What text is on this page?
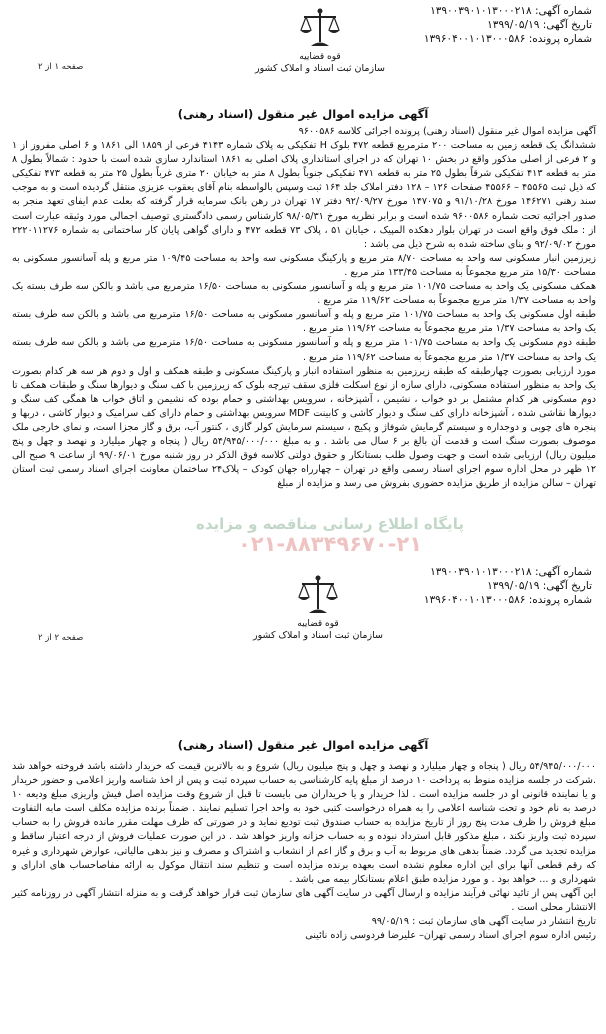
شماره آگهی: ۱۳۹۰۰۳۹۰۱۰۱۳۰۰۰۲۱۸
تاریخ آگهی: ۱۳۹۹/۰۵/۱۹
شماره پرونده: ۱۳۹۶۰۴۰۰۱۰۱۳۰۰۰۵۸۶
قوه قضاییه
سازمان ثبت اسناد و املاک کشور
صفحه ۱ از ۲
آگهی مزایده اموال غیر منقول (اسناد رهنی)

آگهی مزایده اموال غیر منقول (اسناد رهنی) پرونده اجرائی کلاسه ۹۶۰۰۵۸۶

ششدانگ یک قطعه زمین به مساحت ۲۰۰ مترمربع قطعه ۴۷۲ بلوک H تفکیکی به پلاک شماره ۴۱۴۳ فرعی از ۱۸۵۹ الی ۱۸۶۱ و ۶ اصلی مفروز از ۱ و ۲ فرعی از اصلی مذکور واقع در بخش ۱۰ تهران که در اجرای استانداری پلاک اصلی به ۱۸۶۱ استاندارد سازی شده است با حدود : شمالاً بطول ۸ متر به قطعه ۴۱۳ تفکیکی شرقاً بطول ۲۵ متر به قطعه ۴۷۱ تفکیکی جنوباً بطول ۸ متر به خیابان ۲۰ متری غرباً بطول ۲۵ متر به قطعه ۴۷۳ تفکیکی که ذیل ثبت ۴۵۵۶۵ – ۴۵۵۶۶ صفحات ۱۲۶ – ۱۲۸ دفتر املاک جلد ۱۶۴ ثبت وسپس بالواسطه بنام آقای یعقوب عزیزی منتقل گردیده است و به موجب سند رهنی ۱۴۶۲۷۱ مورخ ۹۱/۱۰/۲۸ و ۱۴۷۰۷۵ مورخ ۹۲/۰۹/۲۷ دفتر ۱۷ تهران در رهن بانک سرمایه قرار گرفته که بعلت عدم ایفای تعهد منجر به صدور اجرائیه تحت شماره ۹۶۰۰۵۸۶ شده است و برابر نظریه مورخ ۹۸/۰۵/۳۱ کارشناس رسمی دادگستری توصیف اجمالی مورد وثیقه عبارت است از : ملک فوق واقع است در تهران بلوار دهکده المپیک ، خیابان ۵۱ ، پلاک ۷۳ قطعه ۴۷۲ و دارای گواهی پایان کار ساختمانی به شماره ۲۲۲۰۱۱۲۷۶ مورخ ۹۲/۰۹/۰۲ و بنای ساخته شده به شرح ذیل می باشد :

زیرزمین انبار مسکونی سه واحد به مساحت ۸/۷۰ متر مربع و پارکینگ مسکونی سه واحد به مساحت ۱۰۹/۴۵ متر مربع و پله آسانسور مسکونی به مساحت ۱۵/۳۰ متر مربع مجموعاً به مساحت ۱۳۳/۴۵ متر مربع .

همکف مسکونی یک واحد به مساحت ۱۰۱/۷۵ متر مربع و پله و آسانسور مسکونی به مساحت ۱۶/۵۰ مترمربع می باشد و بالکن سه طرف بسته یک واحد به مساحت ۱/۳۷ متر مربع مجموعاً به مساحت ۱۱۹/۶۲ متر مربع .

طبقه اول مسکونی یک واحد به مساحت ۱۰۱/۷۵ متر مربع و پله و آسانسور مسکونی به مساحت ۱۶/۵۰ مترمربع می باشد و بالکن سه طرف بسته یک واحد به مساحت ۱/۳۷ متر مربع مجموعاً به مساحت ۱۱۹/۶۲ متر مربع .

طبقه دوم مسکونی یک واحد به مساحت ۱۰۱/۷۵ متر مربع و پله و آسانسور مسکونی به مساحت ۱۶/۵۰ مترمربع می باشد و بالکن سه طرف بسته یک واحد به مساحت ۱/۳۷ متر مربع مجموعاً به مساحت ۱۱۹/۶۲ متر مربع .

مورد ارزیابی بصورت چهارطبقه که طبقه زیرزمین به منظور استفاده انبار و پارکینگ مسکونی و طبقه همکف و اول و دوم هر سه هر کدام بصورت یک واحد به منظور استفاده مسکونی، دارای سازه از نوع اسکلت فلزی سقف تیرچه بلوک که زیرزمین با کف سنگ و دیوارها سنگ و طبقات همکف تا دوم مسکونی هر کدام مشتمل بر دو خواب ، نشیمن ، آشپزخانه ، سرویس بهداشتی و حمام بوده که نشیمن و اتاق خواب ها همگی کف سنگ و دیوارها نقاشی شده ، آشپزخانه دارای کف سنگ و دیوار کاشی و کابینت MDF سرویس بهداشتی و حمام دارای کف سرامیک و دیوار کاشی ، دربها و پنجره های چوبی و دوجداره و سیستم گرمایش شوفاژ و پکیج ، سیستم سرمایش کولر گازی ، کنتور آب، برق و گاز مجزا است، و نمای خارجی ملک موصوف بصورت سنگ است و قدمت آن بالغ بر ۶ سال می باشد . و به مبلغ ۵۴/۹۴۵/۰۰۰/۰۰۰ ریال ( پنجاه و چهار میلیارد و نهصد و چهل و پنج میلیون ریال) ارزیابی شده است و جهت وصول طلب بستانکار و حقوق دولتی کلاسه فوق الذکر در روز شنبه مورخ ۹۹/۰۶/۰۱ از ساعت ۹ صبح الی ۱۲ ظهر در محل اداره سوم اجرای اسناد رسمی واقع در تهران – چهارراه جهان کودک – پلاک۲۴ ساختمان معاونت اجرای اسناد رسمی ثبت استان تهران – سالن مزایده از طریق مزایده حضوری بفروش می رسد و مزایده از مبلغ

پایگاه اطلاع رسانی مناقصه و مزایده
۰۲۱-۸۸۳۴۹۶۷۰-۲۱
شماره آگهی: ۱۳۹۰۰۳۹۰۱۰۱۳۰۰۰۲۱۸
تاریخ آگهی: ۱۳۹۹/۰۵/۱۹
شماره پرونده: ۱۳۹۶۰۴۰۰۱۰۱۳۰۰۰۵۸۶
قوه قضاییه
سازمان ثبت اسناد و املاک کشور
صفحه ۲ از ۲
آگهی مزایده اموال غیر منقول (اسناد رهنی)

۵۴/۹۴۵/۰۰۰/۰۰۰ ریال ( پنجاه و چهار میلیارد و نهصد و چهل و پنج میلیون ریال) شروع و به بالاترین قیمت که خریدار داشته باشد فروخته خواهد شد .شرکت در جلسه مزایده منوط به پرداخت ۱۰ درصد از مبلغ پایه کارشناسی به حساب سپرده ثبت و پس از اخذ شناسه واریز اعلامی و حضور خریدار و یا نماینده قانونی او در جلسه مزایده است . لذا خریدار و یا خریداران می بایست تا قبل از شروع وقت مزایده اصل فیش واریزی مبلغ ودیعه ۱۰ درصد به نام خود و تحت شناسه اعلامی را به همراه درخواست کتبی خود به واحد اجرا تسلیم نمایند . ضمناً برنده مزایده مکلف است مابه التفاوت مبلغ فروش را ظرف مدت پنج روز از تاریخ مزایده به حساب صندوق ثبت تودیع نماید و در صورتی که ظرف مهلت مقرر مانده فروش را به حساب سپرده ثبت واریز نکند ، مبلغ مذکور قابل استرداد نبوده و به حساب خزانه واریز خواهد شد . در این صورت عملیات فروش از درجه اعتبار ساقط و مزایده تجدید می گردد. ضمناً بدهی های مربوط به آب و برق و گاز اعم از انشعاب و اشتراک و مصرف و نیز بدهی مالیاتی، عوارض شهرداری و غیره که رقم قطعی آنها برای این اداره معلوم نشده است بعهده برنده مزایده است و تنظیم سند انتقال موکول به ارائه مفاصاحساب های ادارای و شهرداری و ... خواهد بود . و مورد مزایده طبق اعلام بستانکار بیمه می باشد .

این آگهی پس از تائید نهائی فرآیند مزایده و ارسال آگهی در سایت آگهی های سازمان ثبت قرار خواهد گرفت و به منزله انتشار آگهی در روزنامه کثیر الانتشار محلی است .

تاریخ انتشار در سایت آگهی های سازمان ثبت : ۹۹/۰۵/۱۹

رئیس اداره سوم اجرای اسناد رسمی تهران– علیرضا فردوسی زاده نائینی
